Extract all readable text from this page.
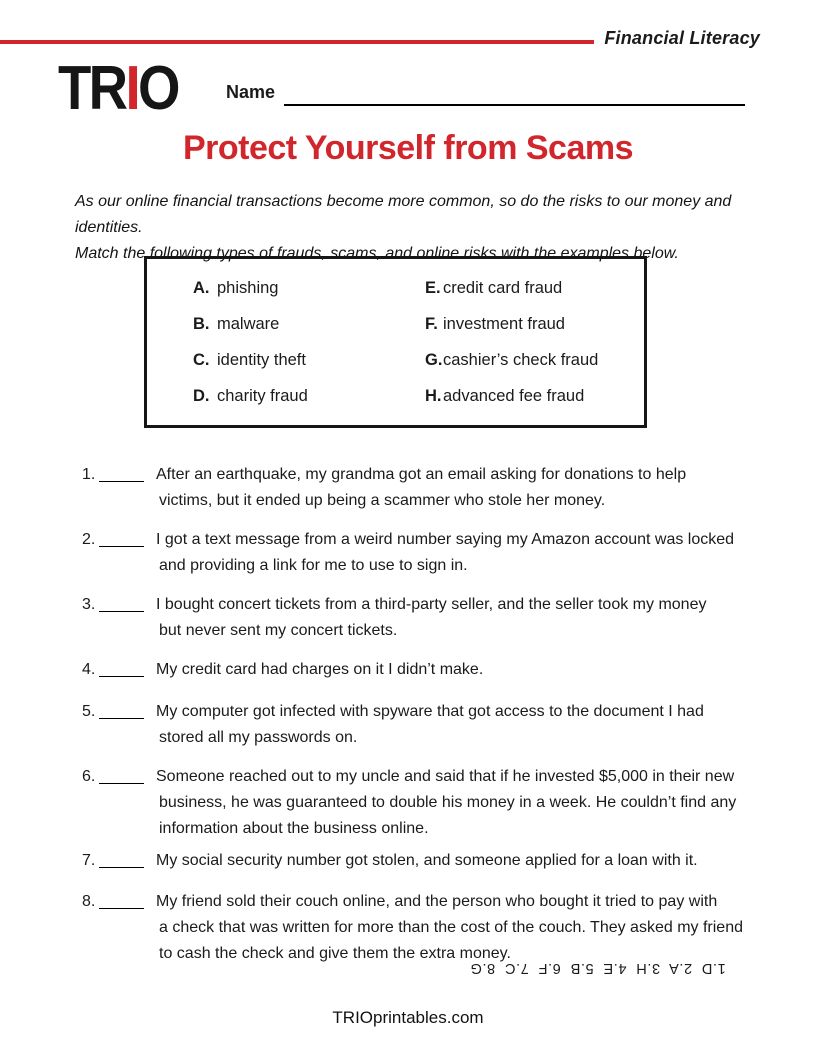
Financial Literacy
TRIO	Name
Protect Yourself from Scams
As our online financial transactions become more common, so do the risks to our money and identities.
Match the following types of frauds, scams, and online risks with the examples below.
A. phishing
B. malware
C. identity theft
D. charity fraud
E. credit card fraud
F. investment fraud
G. cashier’s check fraud
H. advanced fee fraud
1.	After an earthquake, my grandma got an email asking for donations to help
victims, but it ended up being a scammer who stole her money.
2.	I got a text message from a weird number saying my Amazon account was locked
and providing a link for me to use to sign in.
3.	I bought concert tickets from a third-party seller, and the seller took my money
but never sent my concert tickets.
4.	My credit card had charges on it I didn’t make.
5.	My computer got infected with spyware that got access to the document I had
stored all my passwords on.
6.	Someone reached out to my uncle and said that if he invested $5,000 in their new
business, he was guaranteed to double his money in a week. He couldn’t find any
information about the business online.
7.	My social security number got stolen, and someone applied for a loan with it.
8.	My friend sold their couch online, and the person who bought it tried to pay with
a check that was written for more than the cost of the couch. They asked my friend
to cash the check and give them the extra money.
1.D  2.A  3.H  4.E  5.B  6.F  7.C  8.G
TRIOprintables.com
